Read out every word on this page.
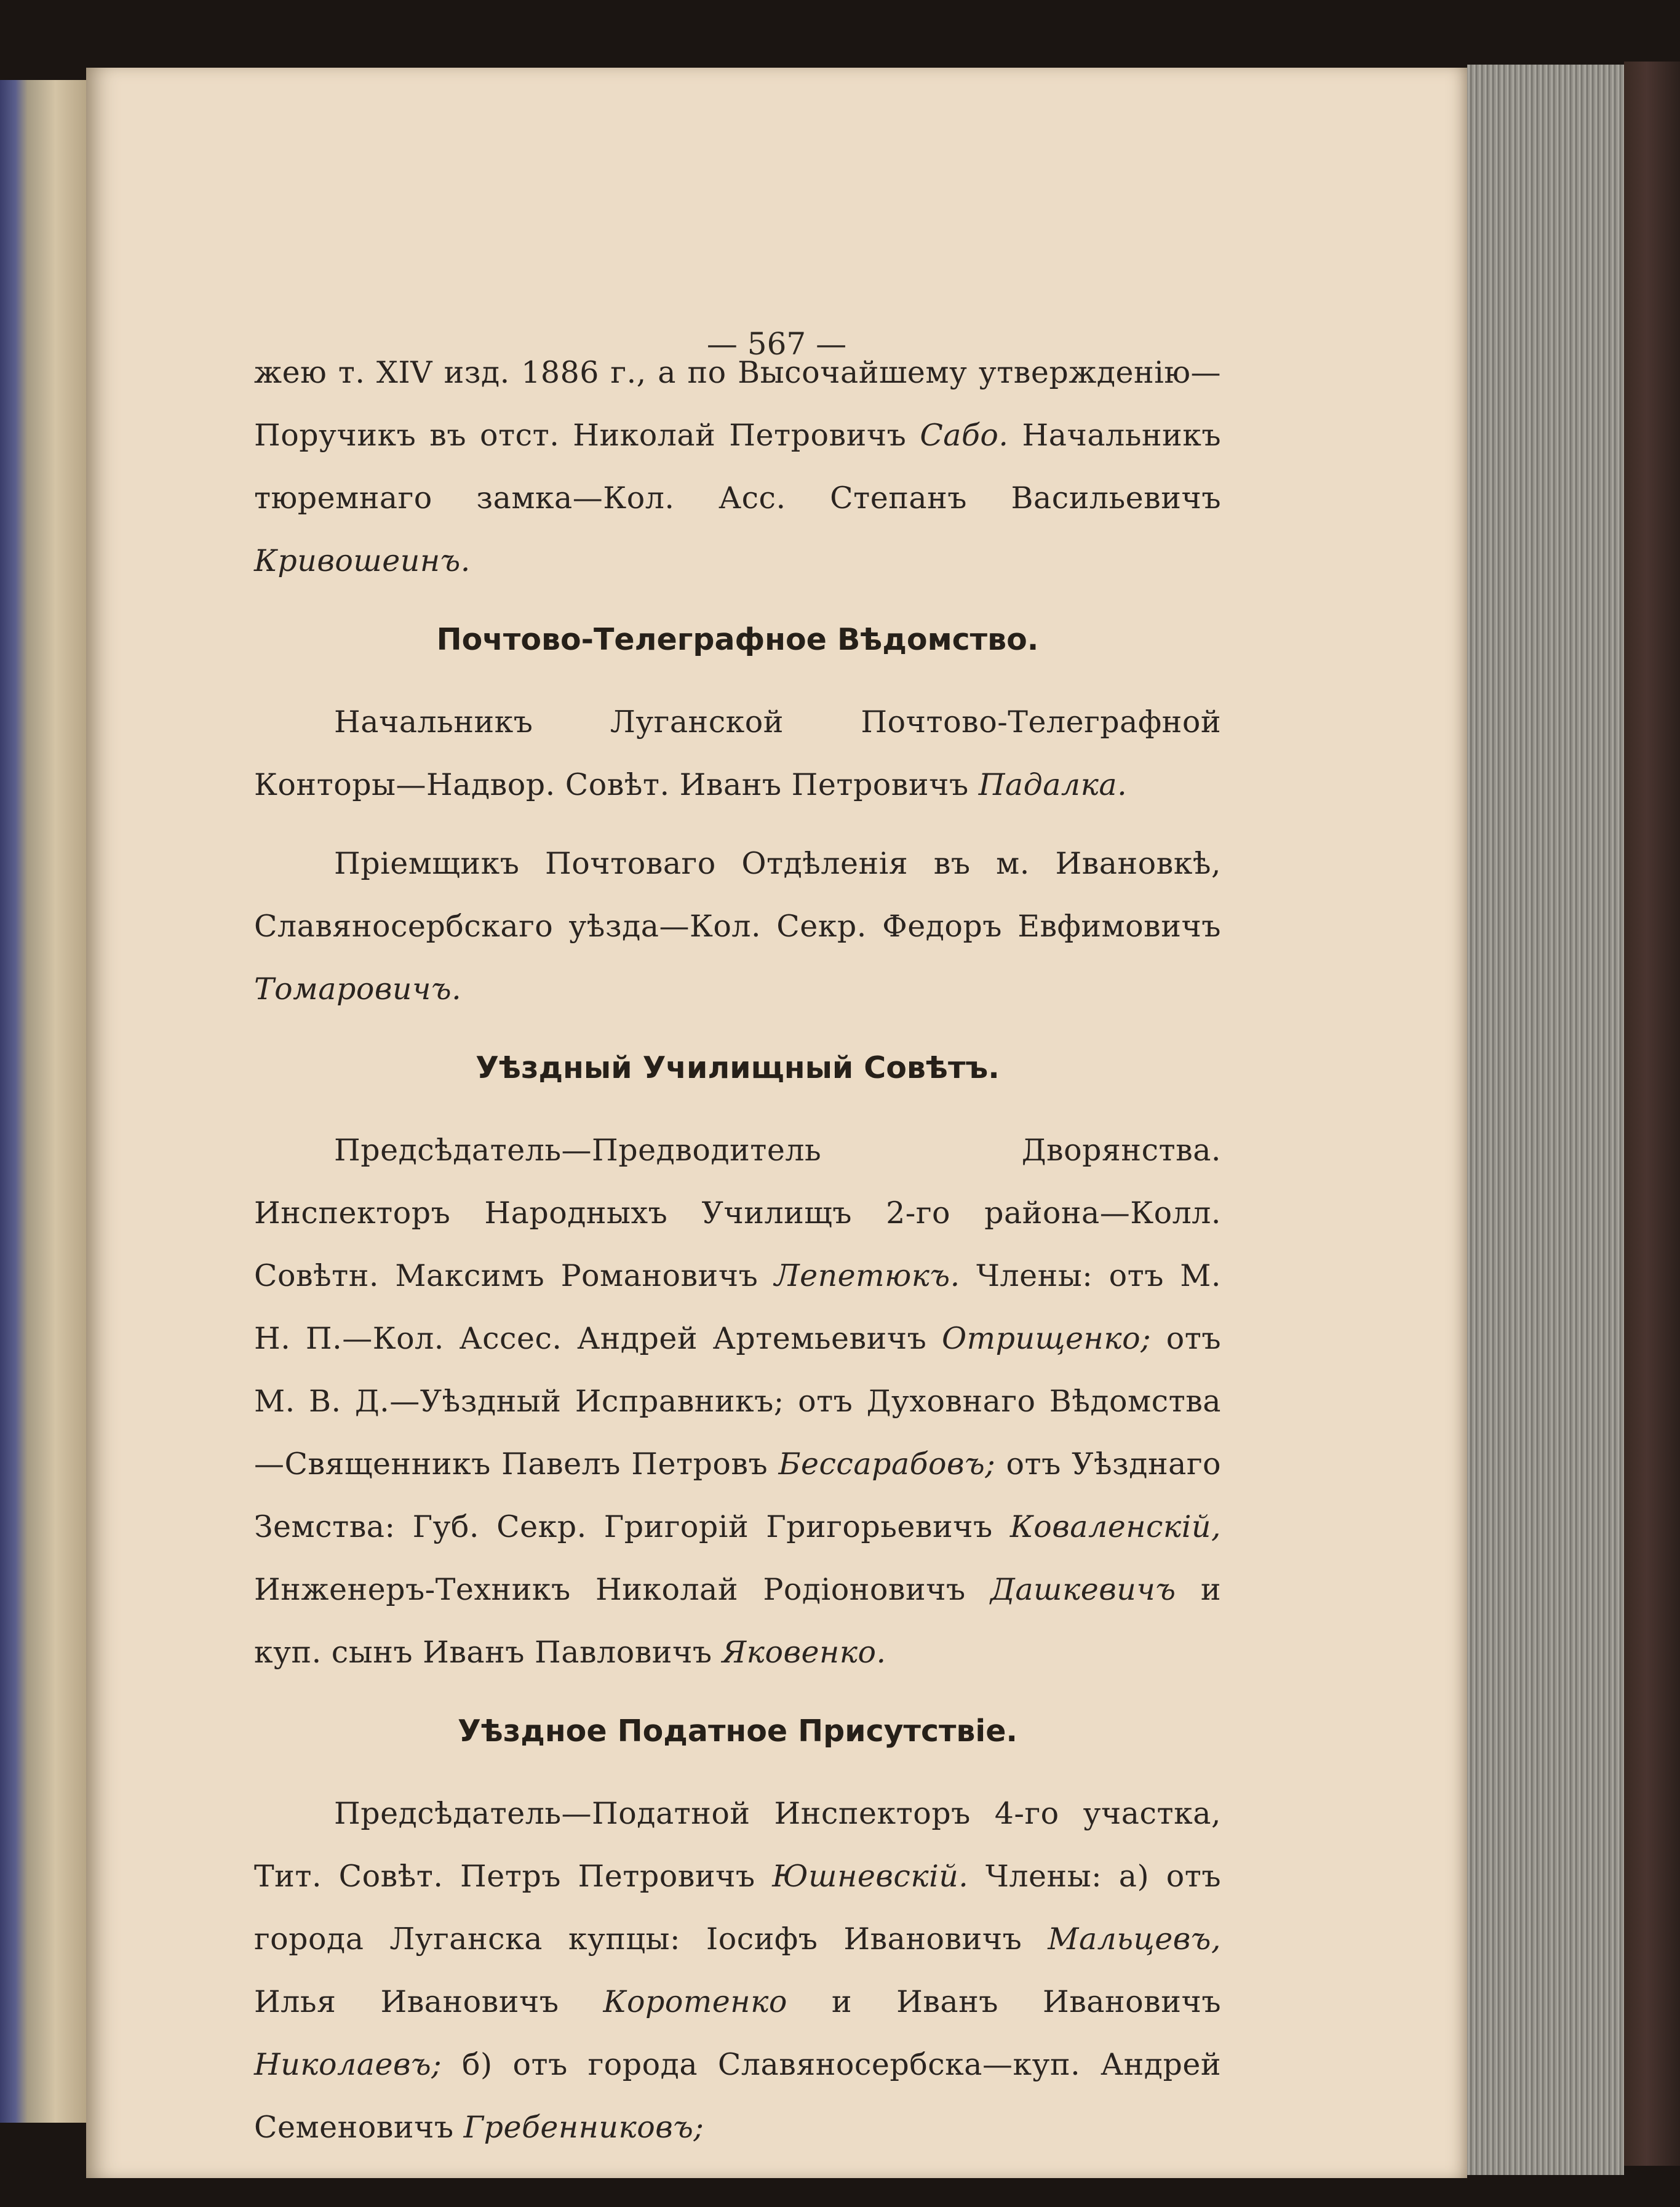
— 567 —

жею т. XIV изд. 1886 г., а по Высочайшему утвержденію—Поручикъ въ отст. Николай Петровичъ Сабо. Начальникъ тюремнаго замка—Кол. Асс. Степанъ Васильевичъ Кривошеинъ.

Почтово-Телеграфное Вѣдомство.

Начальникъ Луганской Почтово-Телеграфной Конторы—Надвор. Совѣт. Иванъ Петровичъ Падалка.

Пріемщикъ Почтоваго Отдѣленія въ м. Ивановкѣ, Славяносербскаго уѣзда—Кол. Секр. Федоръ Евфимовичъ Томаровичъ.

Уѣздный Училищный Совѣтъ.

Предсѣдатель—Предводитель Дворянства. Инспекторъ Народныхъ Училищъ 2-го района—Колл. Совѣтн. Максимъ Романовичъ Лепетюкъ. Члены: отъ М. Н. П.—Кол. Ассес. Андрей Артемьевичъ Отрищенко; отъ М. В. Д.—Уѣздный Исправникъ; отъ Духовнаго Вѣдомства—Священникъ Павелъ Петровъ Бессарабовъ; отъ Уѣзднаго Земства: Губ. Секр. Григорій Григорьевичъ Коваленскій, Инженеръ-Техникъ Николай Родіоновичъ Дашкевичъ и куп. сынъ Иванъ Павловичъ Яковенко.

Уѣздное Податное Присутствіе.

Предсѣдатель—Податной Инспекторъ 4-го участка, Тит. Совѣт. Петръ Петровичъ Юшневскій. Члены: а) отъ города Луганска купцы: Іосифъ Ивановичъ Мальцевъ, Илья Ивановичъ Коротенко и Иванъ Ивановичъ Николаевъ; б) отъ города Славяносербска—куп. Андрей Семеновичъ Гребенниковъ;
